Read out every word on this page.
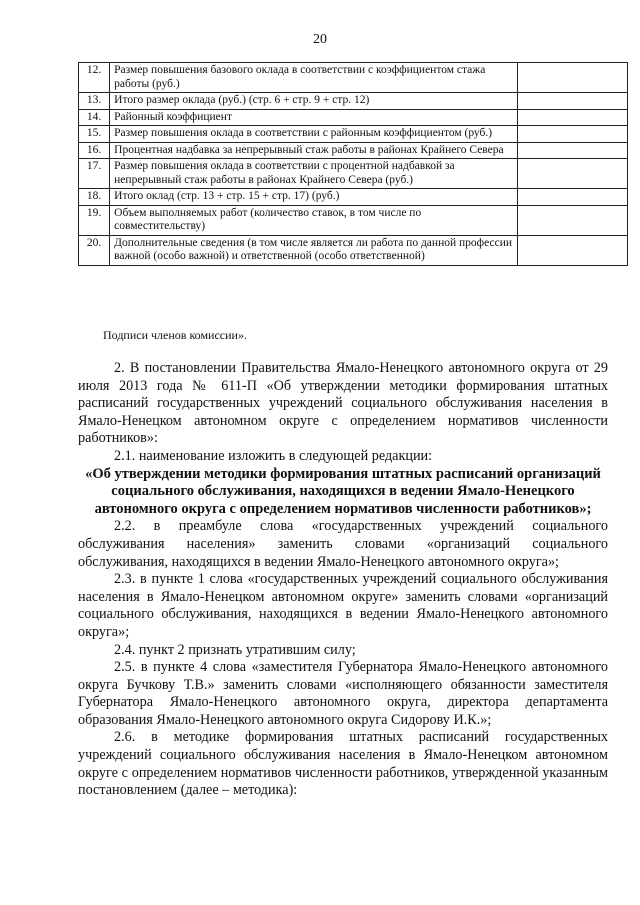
20
12.	Размер повышения базового оклада в соответствии с коэффициентом стажа работы (руб.)	
13.	Итого размер оклада (руб.) (стр. 6 + стр. 9 + стр. 12)	
14.	Районный коэффициент	
15.	Размер повышения оклада в соответствии с районным коэффициентом (руб.)	
16.	Процентная надбавка за непрерывный стаж работы в районах Крайнего Севера	
17.	Размер повышения оклада в соответствии с процентной надбавкой за непрерывный стаж работы в районах Крайнего Севера (руб.)	
18.	Итого оклад (стр. 13 + стр. 15 + стр. 17) (руб.)	
19.	Объем выполняемых работ (количество ставок, в том числе по совместительству)	
20.	Дополнительные сведения (в том числе является ли работа по данной профессии важной (особо важной) и ответственной (особо ответственной)	
Подписи членов комиссии».

2. В постановлении Правительства Ямало-Ненецкого автономного округа от 29 июля 2013 года № 611-П «Об утверждении методики формирования штатных расписаний государственных учреждений социального обслуживания населения в Ямало-Ненецком автономном округе с определением нормативов численности работников»:

2.1. наименование изложить в следующей редакции:

«Об утверждении методики формирования штатных расписаний организаций социального обслуживания, находящихся в ведении Ямало-Ненецкого автономного округа с определением нормативов численности работников»;

2.2. в преамбуле слова «государственных учреждений социального обслуживания населения» заменить словами «организаций социального обслуживания, находящихся в ведении Ямало-Ненецкого автономного округа»;

2.3. в пункте 1 слова «государственных учреждений социального обслуживания населения в Ямало-Ненецком автономном округе» заменить словами «организаций социального обслуживания, находящихся в ведении Ямало-Ненецкого автономного округа»;

2.4. пункт 2 признать утратившим силу;

2.5. в пункте 4 слова «заместителя Губернатора Ямало-Ненецкого автономного округа Бучкову Т.В.» заменить словами «исполняющего обязанности заместителя Губернатора Ямало-Ненецкого автономного округа, директора департамента образования Ямало-Ненецкого автономного округа Сидорову И.К.»;

2.6. в методике формирования штатных расписаний государственных учреждений социального обслуживания населения в Ямало-Ненецком автономном округе с определением нормативов численности работников, утвержденной указанным постановлением (далее – методика):
